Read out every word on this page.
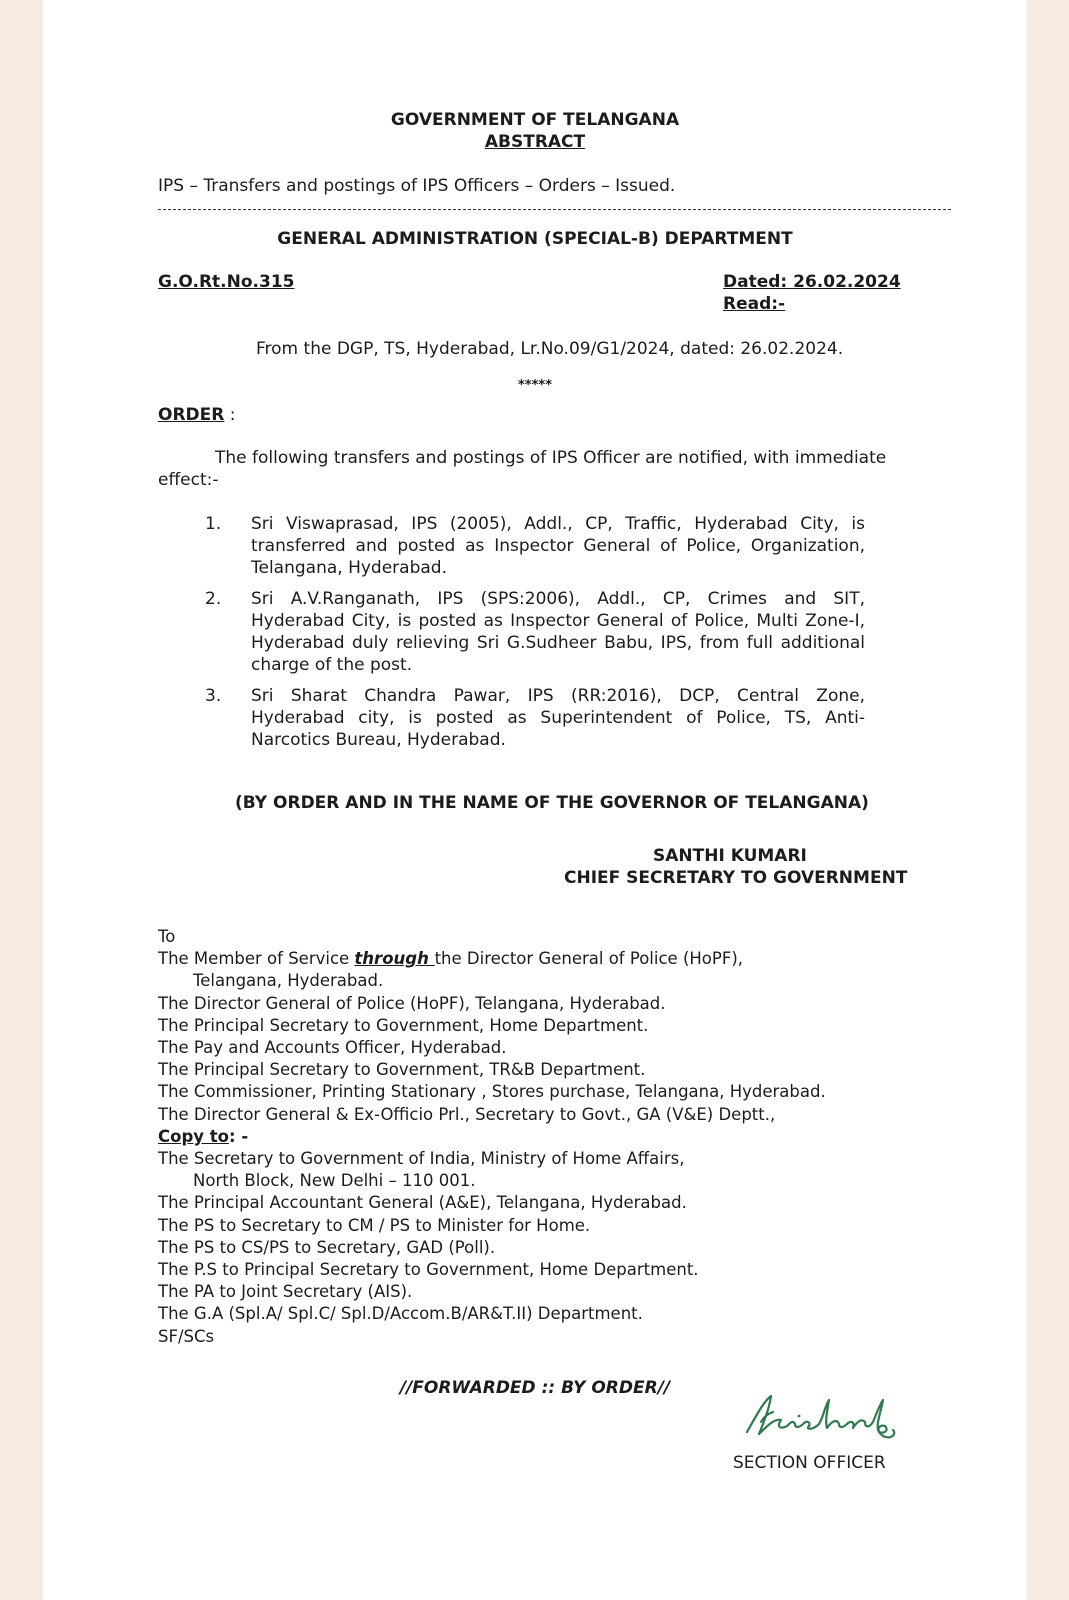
GOVERNMENT OF TELANGANA
ABSTRACT
IPS – Transfers and postings of IPS Officers – Orders – Issued.
GENERAL ADMINISTRATION (SPECIAL-B) DEPARTMENT
G.O.Rt.No.315	Dated: 26.02.2024
Read:-
From the DGP, TS, Hyderabad, Lr.No.09/G1/2024, dated: 26.02.2024.
*****
ORDER :
The following transfers and postings of IPS Officer are notified, with immediate effect:-
1.	Sri Viswaprasad, IPS (2005), Addl., CP, Traffic, Hyderabad City, is transferred and posted as Inspector General of Police, Organization, Telangana, Hyderabad.
2.	Sri A.V.Ranganath, IPS (SPS:2006), Addl., CP, Crimes and SIT, Hyderabad City, is posted as Inspector General of Police, Multi Zone-I, Hyderabad duly relieving Sri G.Sudheer Babu, IPS, from full additional charge of the post.
3.	Sri Sharat Chandra Pawar, IPS (RR:2016), DCP, Central Zone, Hyderabad city, is posted as Superintendent of Police, TS, Anti-Narcotics Bureau, Hyderabad.
(BY ORDER AND IN THE NAME OF THE GOVERNOR OF TELANGANA)
SANTHI KUMARI
CHIEF SECRETARY TO GOVERNMENT
To
The Member of Service through the Director General of Police (HoPF),
Telangana, Hyderabad.
The Director General of Police (HoPF), Telangana, Hyderabad.
The Principal Secretary to Government, Home Department.
The Pay and Accounts Officer, Hyderabad.
The Principal Secretary to Government, TR&B Department.
The Commissioner, Printing Stationary , Stores purchase, Telangana, Hyderabad.
The Director General & Ex-Officio Prl., Secretary to Govt., GA (V&E) Deptt.,
Copy to: -
The Secretary to Government of India, Ministry of Home Affairs,
North Block, New Delhi – 110 001.
The Principal Accountant General (A&E), Telangana, Hyderabad.
The PS to Secretary to CM / PS to Minister for Home.
The PS to CS/PS to Secretary, GAD (Poll).
The P.S to Principal Secretary to Government, Home Department.
The PA to Joint Secretary (AIS).
The G.A (Spl.A/ Spl.C/ Spl.D/Accom.B/AR&T.II) Department.
SF/SCs
//FORWARDED :: BY ORDER//
SECTION OFFICER
